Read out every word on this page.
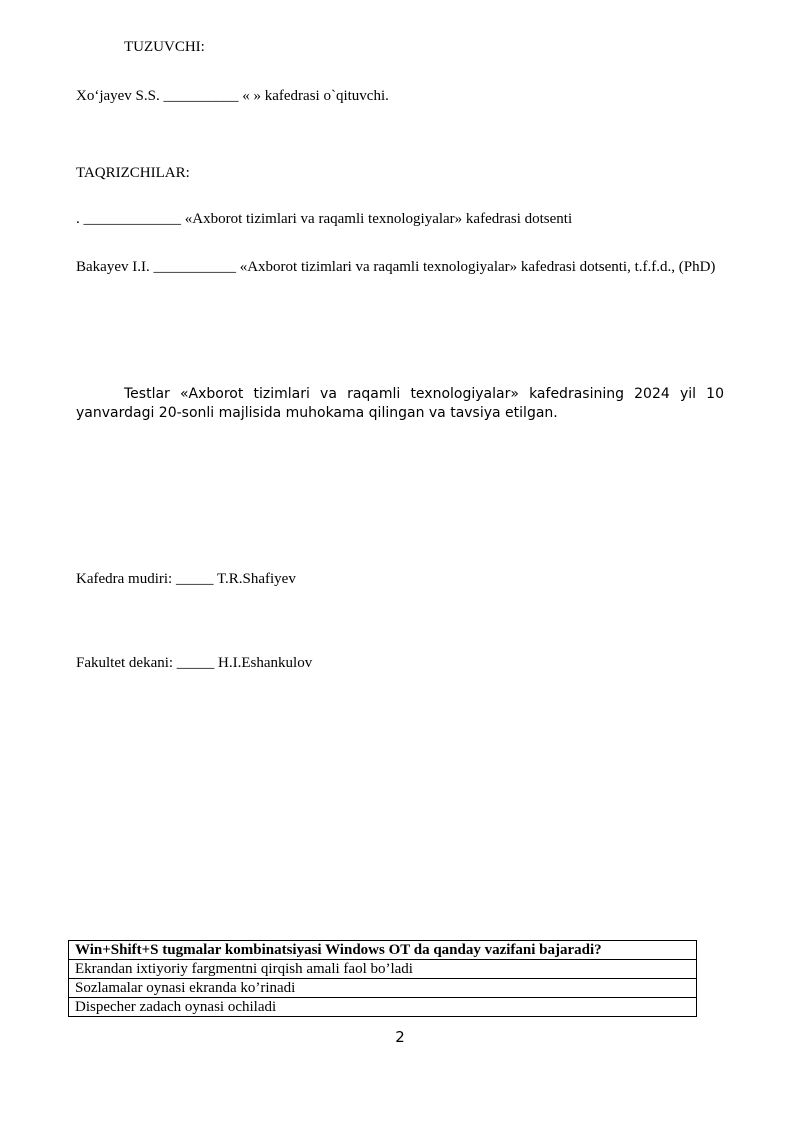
TUZUVCHI:
Xo‘jayev S.S. __________ « » kafedrasi o`qituvchi.
TAQRIZCHILAR:
. _____________ «Axborot tizimlari va raqamli texnologiyalar» kafedrasi dotsenti
Bakayev I.I. ___________ «Axborot tizimlari va raqamli texnologiyalar» kafedrasi dotsenti, t.f.f.d., (PhD)
Testlar «Axborot tizimlari va raqamli texnologiyalar» kafedrasining 2024 yil 10 yanvardagi 20-sonli majlisida muhokama qilingan va tavsiya etilgan.
Kafedra mudiri: _____ T.R.Shafiyev
Fakultet dekani: _____ H.I.Eshankulov
Win+Shift+S tugmalar kombinatsiyasi Windows OT da qanday vazifani bajaradi?
Ekrandan ixtiyoriy fargmentni qirqish amali faol bo’ladi
Sozlamalar oynasi ekranda ko’rinadi
Dispecher zadach oynasi ochiladi
2
